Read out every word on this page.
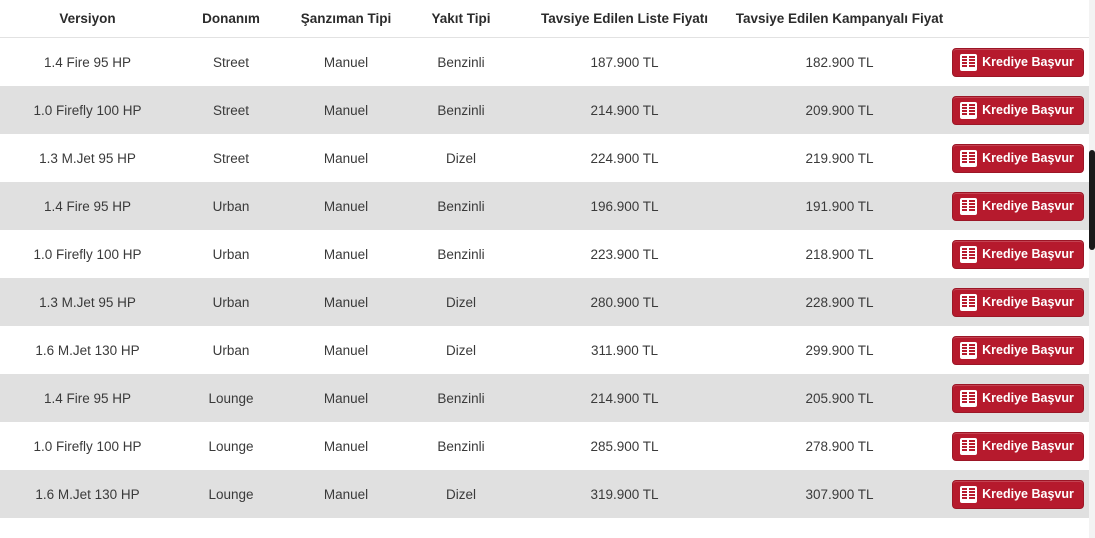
Versiyon	Donanım	Şanzıman Tipi	Yakıt Tipi	Tavsiye Edilen Liste Fiyatı	Tavsiye Edilen Kampanyalı Fiyat	
1.4 Fire 95 HP	Street	Manuel	Benzinli	187.900 TL	182.900 TL	Krediye Başvur

1.0 Firefly 100 HP	Street	Manuel	Benzinli	214.900 TL	209.900 TL	Krediye Başvur

1.3 M.Jet 95 HP	Street	Manuel	Dizel	224.900 TL	219.900 TL	Krediye Başvur

1.4 Fire 95 HP	Urban	Manuel	Benzinli	196.900 TL	191.900 TL	Krediye Başvur

1.0 Firefly 100 HP	Urban	Manuel	Benzinli	223.900 TL	218.900 TL	Krediye Başvur

1.3 M.Jet 95 HP	Urban	Manuel	Dizel	280.900 TL	228.900 TL	Krediye Başvur

1.6 M.Jet 130 HP	Urban	Manuel	Dizel	311.900 TL	299.900 TL	Krediye Başvur

1.4 Fire 95 HP	Lounge	Manuel	Benzinli	214.900 TL	205.900 TL	Krediye Başvur

1.0 Firefly 100 HP	Lounge	Manuel	Benzinli	285.900 TL	278.900 TL	Krediye Başvur

1.6 M.Jet 130 HP	Lounge	Manuel	Dizel	319.900 TL	307.900 TL	Krediye Başvur
